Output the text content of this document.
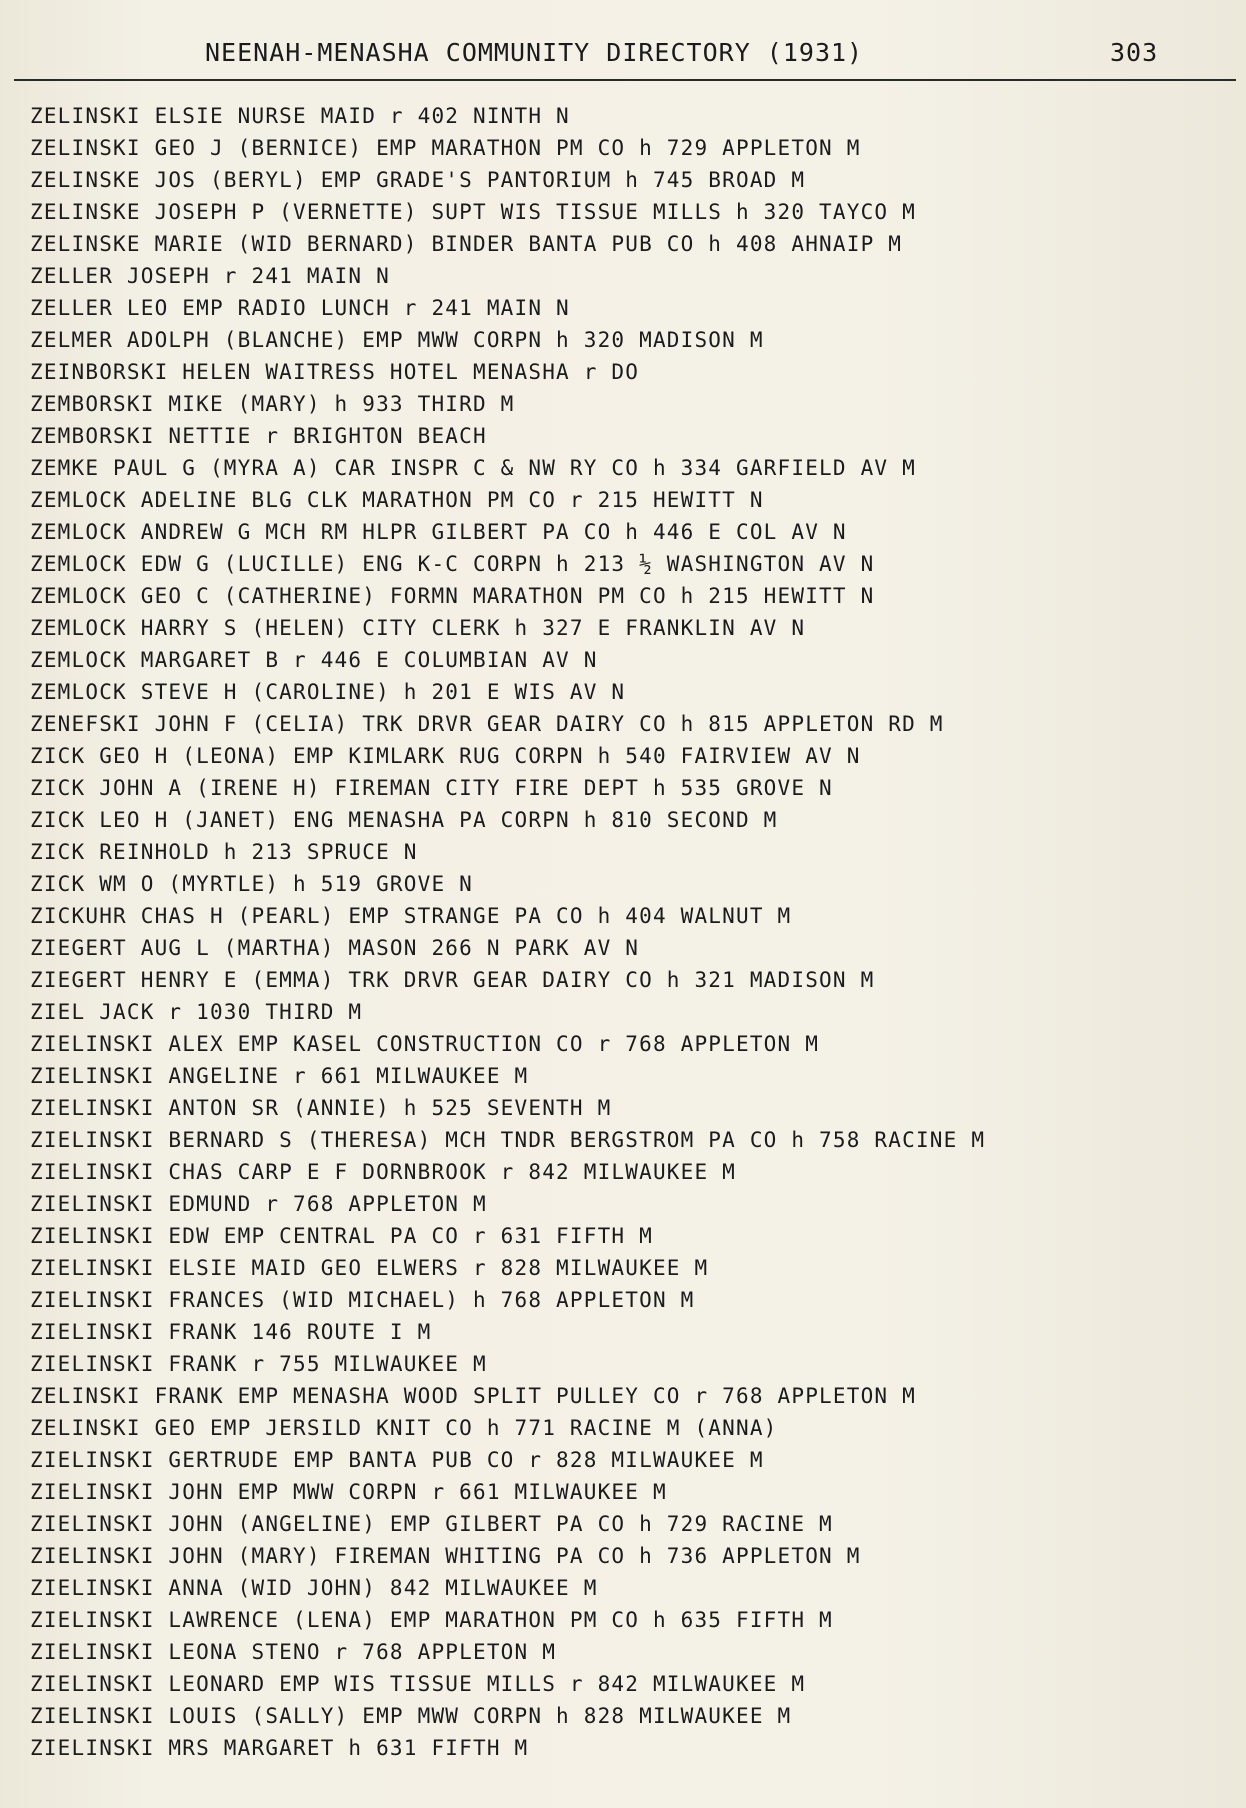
NEENAH-MENASHA COMMUNITY DIRECTORY (1931)	303
ZELINSKI ELSIE NURSE MAID r 402 NINTH N
ZELINSKI GEO J (BERNICE) EMP MARATHON PM CO h 729 APPLETON M
ZELINSKE JOS (BERYL) EMP GRADE'S PANTORIUM h 745 BROAD M
ZELINSKE JOSEPH P (VERNETTE) SUPT WIS TISSUE MILLS h 320 TAYCO M
ZELINSKE MARIE (WID BERNARD) BINDER BANTA PUB CO h 408 AHNAIP M
ZELLER JOSEPH r 241 MAIN N
ZELLER LEO EMP RADIO LUNCH r 241 MAIN N
ZELMER ADOLPH (BLANCHE) EMP MWW CORPN h 320 MADISON M
ZEINBORSKI HELEN WAITRESS HOTEL MENASHA r DO
ZEMBORSKI MIKE (MARY) h 933 THIRD M
ZEMBORSKI NETTIE r BRIGHTON BEACH
ZEMKE PAUL G (MYRA A) CAR INSPR C & NW RY CO h 334 GARFIELD AV M
ZEMLOCK ADELINE BLG CLK MARATHON PM CO r 215 HEWITT N
ZEMLOCK ANDREW G MCH RM HLPR GILBERT PA CO h 446 E COL AV N
ZEMLOCK EDW G (LUCILLE) ENG K-C CORPN h 213 ½ WASHINGTON AV N
ZEMLOCK GEO C (CATHERINE) FORMN MARATHON PM CO h 215 HEWITT N
ZEMLOCK HARRY S (HELEN) CITY CLERK h 327 E FRANKLIN AV N
ZEMLOCK MARGARET B r 446 E COLUMBIAN AV N
ZEMLOCK STEVE H (CAROLINE) h 201 E WIS AV N
ZENEFSKI JOHN F (CELIA) TRK DRVR GEAR DAIRY CO h 815 APPLETON RD M
ZICK GEO H (LEONA) EMP KIMLARK RUG CORPN h 540 FAIRVIEW AV N
ZICK JOHN A (IRENE H) FIREMAN CITY FIRE DEPT h 535 GROVE N
ZICK LEO H (JANET) ENG MENASHA PA CORPN h 810 SECOND M
ZICK REINHOLD h 213 SPRUCE N
ZICK WM O (MYRTLE) h 519 GROVE N
ZICKUHR CHAS H (PEARL) EMP STRANGE PA CO h 404 WALNUT M
ZIEGERT AUG L (MARTHA) MASON 266 N PARK AV N
ZIEGERT HENRY E (EMMA) TRK DRVR GEAR DAIRY CO h 321 MADISON M
ZIEL JACK r 1030 THIRD M
ZIELINSKI ALEX EMP KASEL CONSTRUCTION CO r 768 APPLETON M
ZIELINSKI ANGELINE r 661 MILWAUKEE M
ZIELINSKI ANTON SR (ANNIE) h 525 SEVENTH M
ZIELINSKI BERNARD S (THERESA) MCH TNDR BERGSTROM PA CO h 758 RACINE M
ZIELINSKI CHAS CARP E F DORNBROOK r 842 MILWAUKEE M
ZIELINSKI EDMUND r 768 APPLETON M
ZIELINSKI EDW EMP CENTRAL PA CO r 631 FIFTH M
ZIELINSKI ELSIE MAID GEO ELWERS r 828 MILWAUKEE M
ZIELINSKI FRANCES (WID MICHAEL) h 768 APPLETON M
ZIELINSKI FRANK 146 ROUTE I M
ZIELINSKI FRANK r 755 MILWAUKEE M
ZELINSKI FRANK EMP MENASHA WOOD SPLIT PULLEY CO r 768 APPLETON M
ZELINSKI GEO EMP JERSILD KNIT CO h 771 RACINE M (ANNA)
ZIELINSKI GERTRUDE EMP BANTA PUB CO r 828 MILWAUKEE M
ZIELINSKI JOHN EMP MWW CORPN r 661 MILWAUKEE M
ZIELINSKI JOHN (ANGELINE) EMP GILBERT PA CO h 729 RACINE M
ZIELINSKI JOHN (MARY) FIREMAN WHITING PA CO h 736 APPLETON M
ZIELINSKI ANNA (WID JOHN) 842 MILWAUKEE M
ZIELINSKI LAWRENCE (LENA) EMP MARATHON PM CO h 635 FIFTH M
ZIELINSKI LEONA STENO r 768 APPLETON M
ZIELINSKI LEONARD EMP WIS TISSUE MILLS r 842 MILWAUKEE M
ZIELINSKI LOUIS (SALLY) EMP MWW CORPN h 828 MILWAUKEE M
ZIELINSKI MRS MARGARET h 631 FIFTH M
